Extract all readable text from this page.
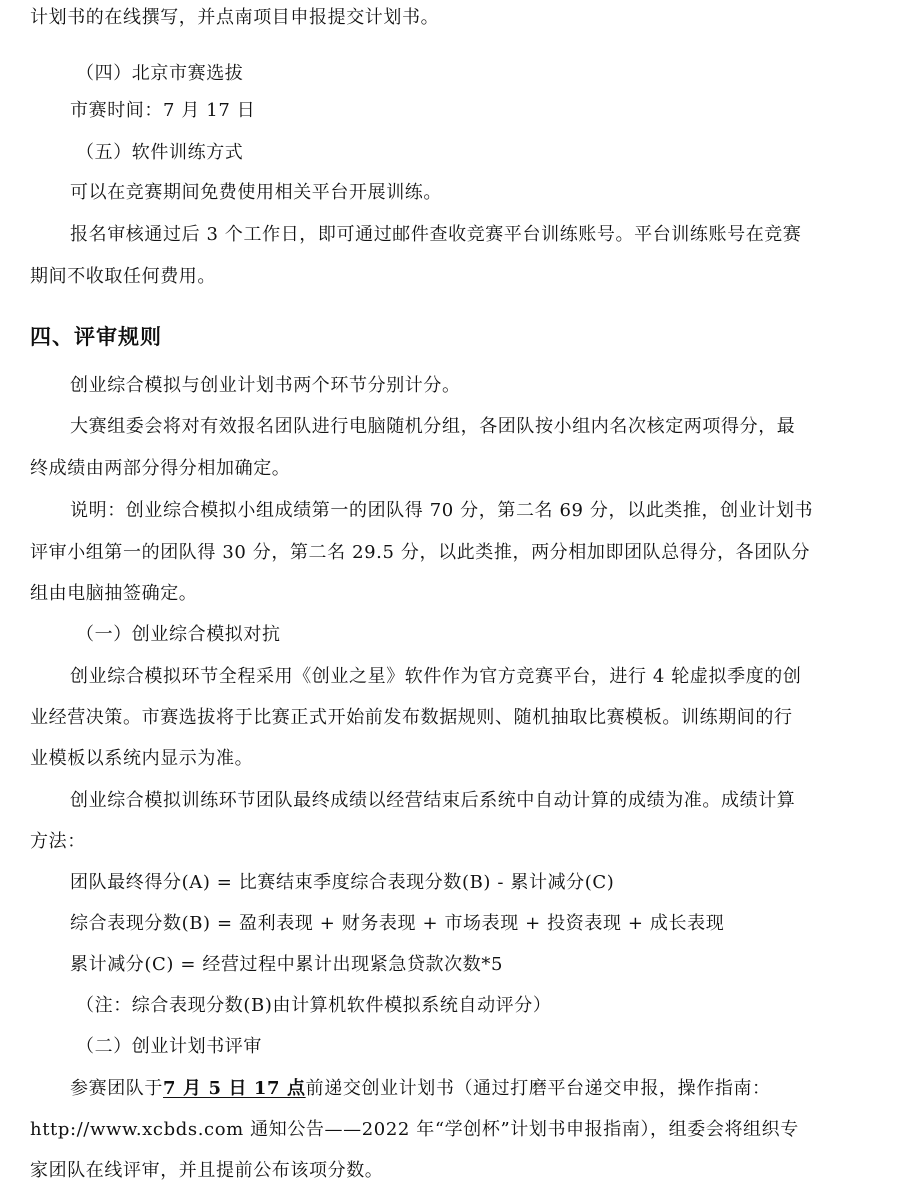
计划书的在线撰写，并点南项目申报提交计划书。
（四）北京市赛选拔
市赛时间：7 月 17 日
（五）软件训练方式
可以在竞赛期间免费使用相关平台开展训练。
报名审核通过后 3 个工作日，即可通过邮件查收竞赛平台训练账号。平台训练账号在竞赛
期间不收取任何费用。
四、评审规则
创业综合模拟与创业计划书两个环节分别计分。
大赛组委会将对有效报名团队进行电脑随机分组，各团队按小组内名次核定两项得分，最
终成绩由两部分得分相加确定。
说明：创业综合模拟小组成绩第一的团队得 70 分，第二名 69 分，以此类推，创业计划书
评审小组第一的团队得 30 分，第二名 29.5 分，以此类推，两分相加即团队总得分，各团队分
组由电脑抽签确定。
（一）创业综合模拟对抗
创业综合模拟环节全程采用《创业之星》软件作为官方竞赛平台，进行 4 轮虚拟季度的创
业经营决策。市赛选拔将于比赛正式开始前发布数据规则、随机抽取比赛模板。训练期间的行
业模板以系统内显示为准。
创业综合模拟训练环节团队最终成绩以经营结束后系统中自动计算的成绩为准。成绩计算
方法：
团队最终得分(A) = 比赛结束季度综合表现分数(B) - 累计减分(C)
综合表现分数(B) = 盈利表现 + 财务表现 + 市场表现 + 投资表现 + 成长表现
累计减分(C) = 经营过程中累计出现紧急贷款次数*5
（注：综合表现分数(B)由计算机软件模拟系统自动评分）
（二）创业计划书评审
参赛团队于7 月 5 日 17 点前递交创业计划书（通过打磨平台递交申报，操作指南：
http://www.xcbds.com 通知公告——2022 年“学创杯”计划书申报指南），组委会将组织专
家团队在线评审，并且提前公布该项分数。
